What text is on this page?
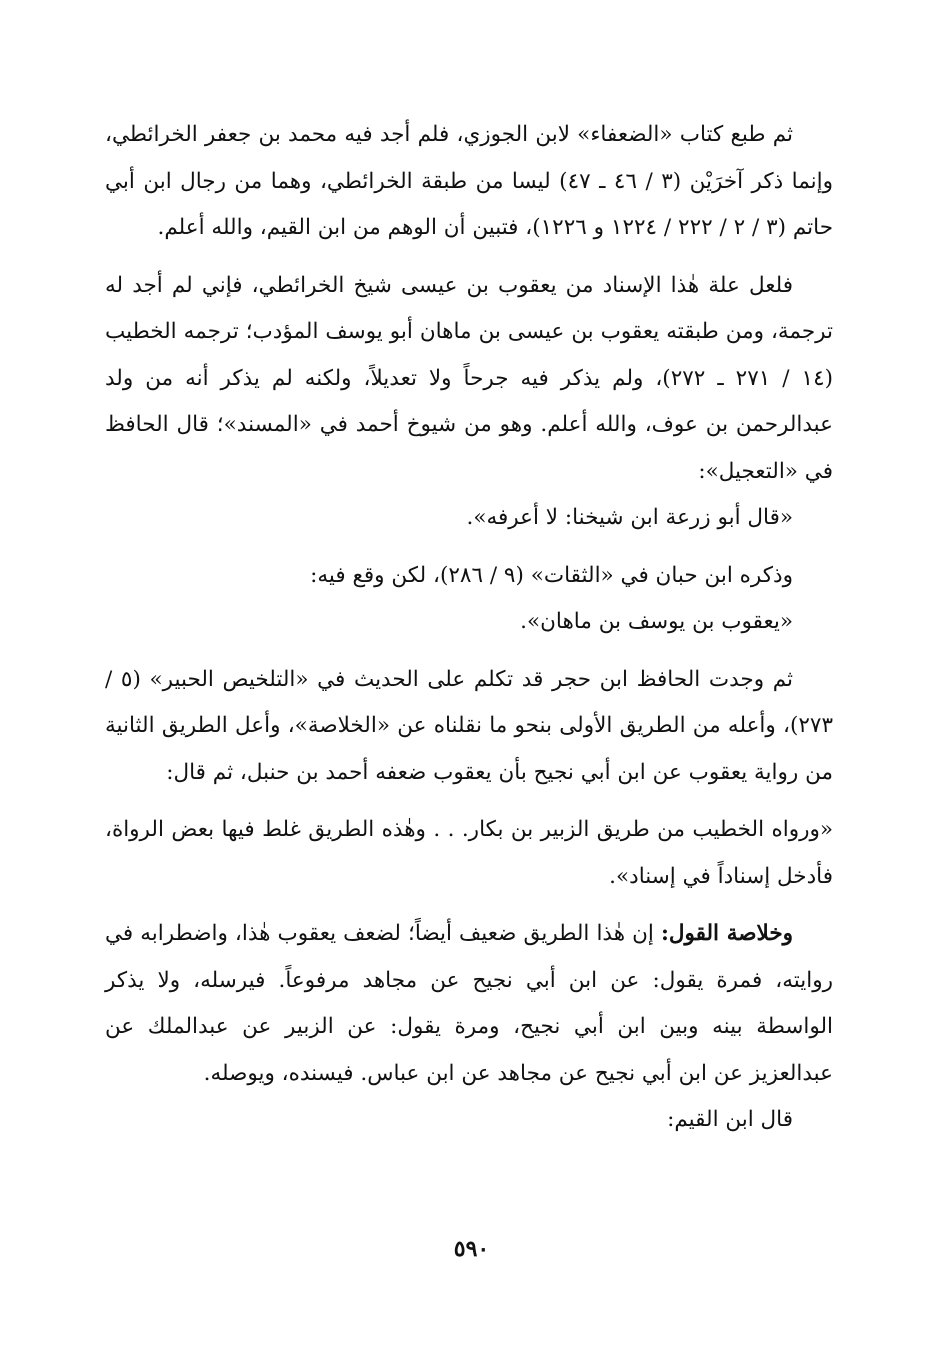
ثم طبع كتاب «الضعفاء» لابن الجوزي، فلم أجد فيه محمد بن جعفر الخرائطي، وإنما ذكر آخرَيْن (٣ / ٤٦ ـ ٤٧) ليسا من طبقة الخرائطي، وهما من رجال ابن أبي حاتم (٣ / ٢ / ٢٢٢ / ١٢٢٤ و ١٢٢٦)، فتبين أن الوهم من ابن القيم، والله أعلم.

فلعل علة هٰذا الإسناد من يعقوب بن عيسى شيخ الخرائطي، فإني لم أجد له ترجمة، ومن طبقته يعقوب بن عيسى بن ماهان أبو يوسف المؤدب؛ ترجمه الخطيب (١٤ / ٢٧١ ـ ٢٧٢)، ولم يذكر فيه جرحاً ولا تعديلاً، ولكنه لم يذكر أنه من ولد عبدالرحمن بن عوف، والله أعلم. وهو من شيوخ أحمد في «المسند»؛ قال الحافظ في «التعجيل»:

«قال أبو زرعة ابن شيخنا: لا أعرفه».

وذكره ابن حبان في «الثقات» (٩ / ٢٨٦)، لكن وقع فيه:

«يعقوب بن يوسف بن ماهان».

ثم وجدت الحافظ ابن حجر قد تكلم على الحديث في «التلخيص الحبير» (٥ / ٢٧٣)، وأعله من الطريق الأولى بنحو ما نقلناه عن «الخلاصة»، وأعل الطريق الثانية من رواية يعقوب عن ابن أبي نجيح بأن يعقوب ضعفه أحمد بن حنبل، ثم قال:

«ورواه الخطيب من طريق الزبير بن بكار. . . وهٰذه الطريق غلط فيها بعض الرواة، فأدخل إسناداً في إسناد».

وخلاصة القول: إن هٰذا الطريق ضعيف أيضاً؛ لضعف يعقوب هٰذا، واضطرابه في روايته، فمرة يقول: عن ابن أبي نجيح عن مجاهد مرفوعاً. فيرسله، ولا يذكر الواسطة بينه وبين ابن أبي نجيح، ومرة يقول: عن الزبير عن عبدالملك عن عبدالعزيز عن ابن أبي نجيح عن مجاهد عن ابن عباس. فيسنده، ويوصله.

قال ابن القيم:

٥٩٠
